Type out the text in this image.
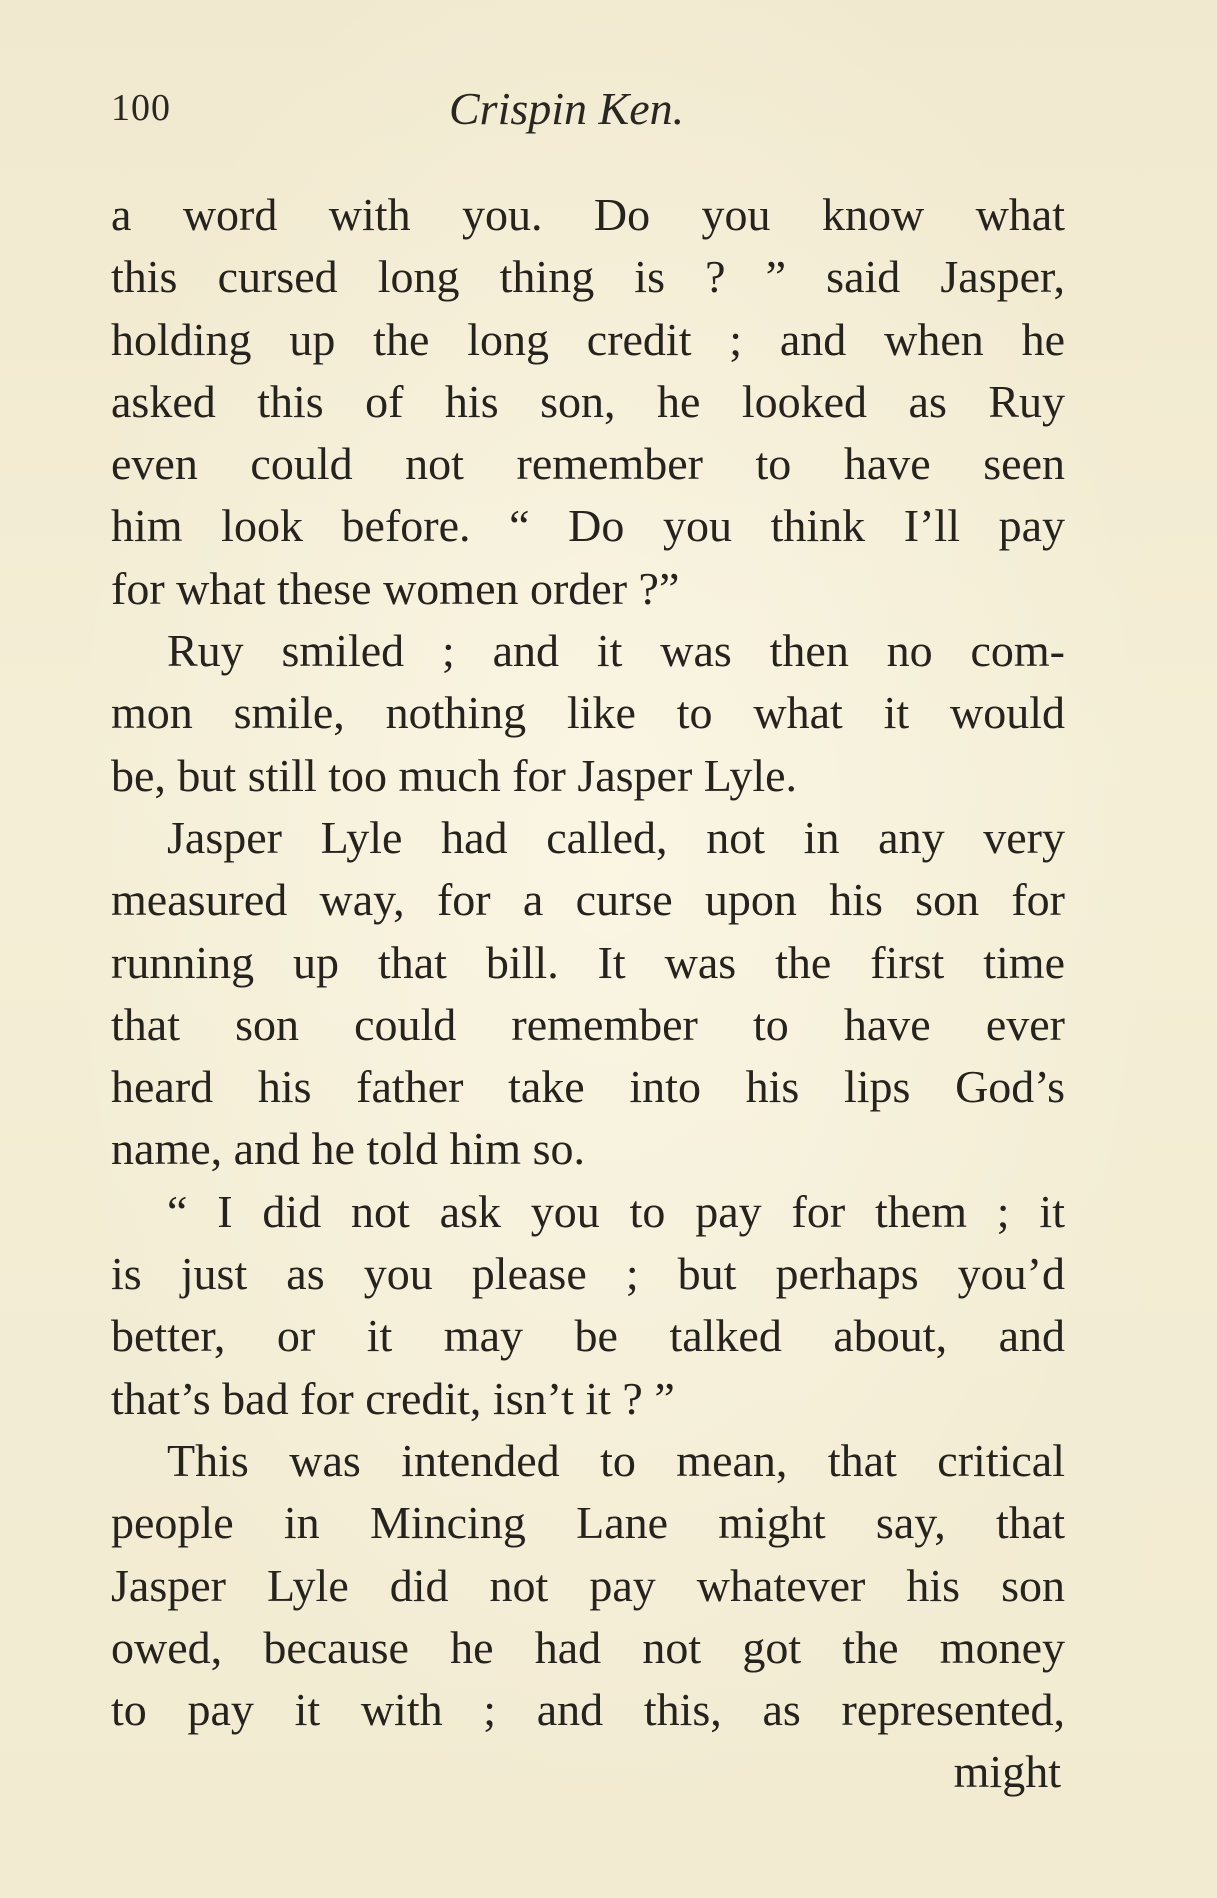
100	Crispin Ken.
a word with you. Do you know what
this cursed long thing is ? ” said Jasper,
holding up the long credit ; and when he
asked this of his son, he looked as Ruy
even could not remember to have seen
him look before. “ Do you think I’ll pay
for what these women order ?”
Ruy smiled ; and it was then no com-
mon smile, nothing like to what it would
be, but still too much for Jasper Lyle.
Jasper Lyle had called, not in any very
measured way, for a curse upon his son for
running up that bill. It was the first time
that son could remember to have ever
heard his father take into his lips God’s
name, and he told him so.
“ I did not ask you to pay for them ; it
is just as you please ; but perhaps you’d
better, or it may be talked about, and
that’s bad for credit, isn’t it ? ”
This was intended to mean, that critical
people in Mincing Lane might say, that
Jasper Lyle did not pay whatever his son
owed, because he had not got the money
to pay it with ; and this, as represented,
might
